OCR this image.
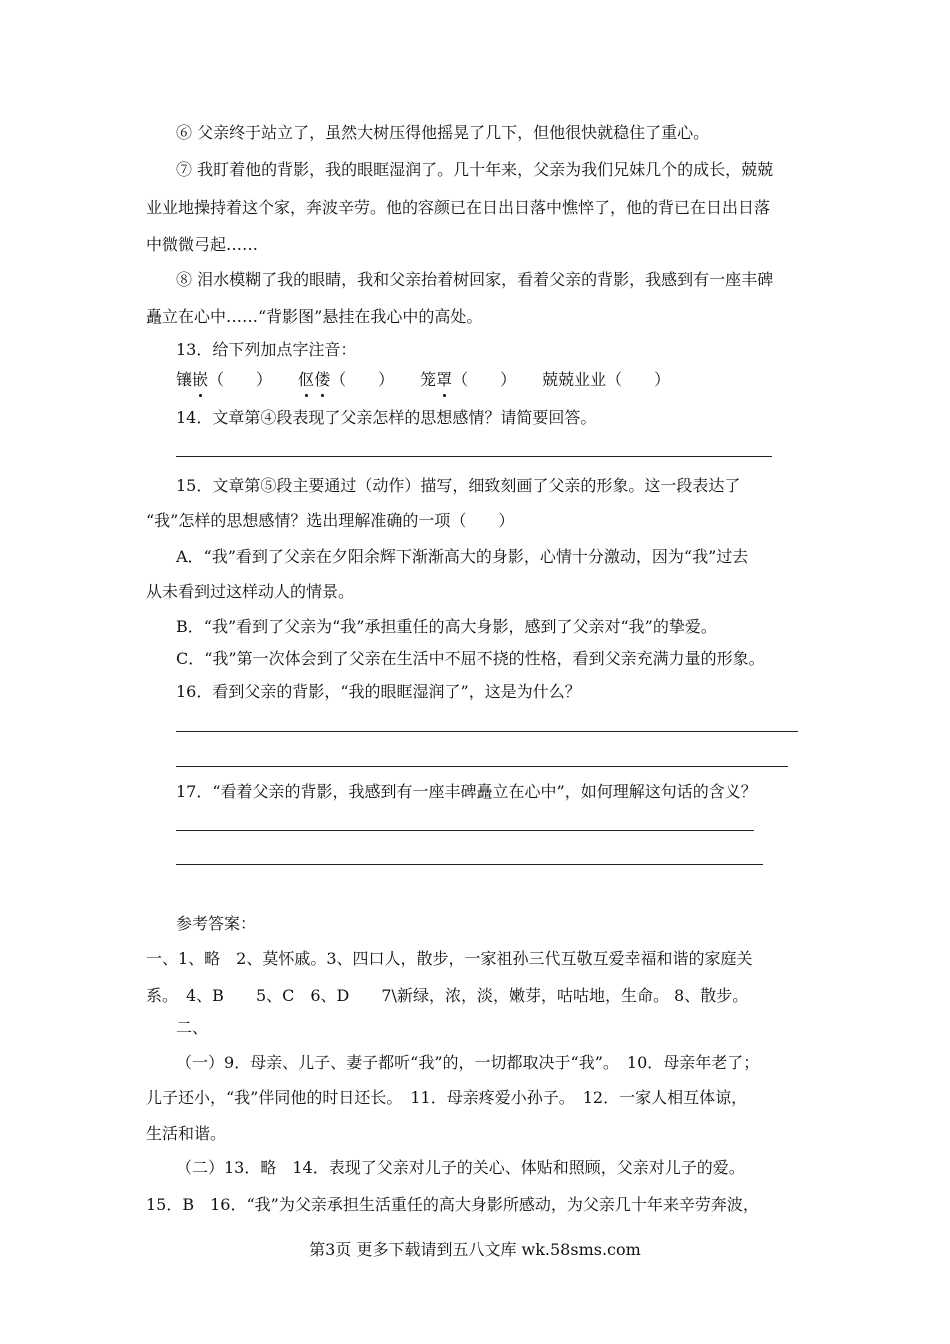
⑥ 父亲终于站立了，虽然大树压得他摇晃了几下，但他很快就稳住了重心。
⑦ 我盯着他的背影，我的眼眶湿润了。几十年来，父亲为我们兄妹几个的成长，兢兢
业业地操持着这个家，奔波辛劳。他的容颜已在日出日落中憔悴了，他的背已在日出日落
中微微弓起……
⑧ 泪水模糊了我的眼睛，我和父亲抬着树回家，看着父亲的背影，我感到有一座丰碑
矗立在心中……“背影图”悬挂在我心中的高处。
13．给下列加点字注音：
镶嵌（　　） 伛偻（　　） 笼罩（　　） 兢兢业业（　　）
14．文章第④段表现了父亲怎样的思想感情？请简要回答。
15．文章第⑤段主要通过（动作）描写，细致刻画了父亲的形象。这一段表达了
“我”怎样的思想感情？选出理解准确的一项（　　）
A．“我”看到了父亲在夕阳余辉下渐渐高大的身影，心情十分激动，因为“我”过去
从未看到过这样动人的情景。
B．“我”看到了父亲为“我”承担重任的高大身影，感到了父亲对“我”的挚爱。
C．“我”第一次体会到了父亲在生活中不屈不挠的性格，看到父亲充满力量的形象。
16．看到父亲的背影，“我的眼眶湿润了”，这是为什么？
17．“看着父亲的背影，我感到有一座丰碑矗立在心中”，如何理解这句话的含义？
参考答案：
一、1、略　2、莫怀戚。3、四口人，散步，一家祖孙三代互敬互爱幸福和谐的家庭关
系。　4、B　　5、C　6、D　　7\新绿，浓，淡，嫩芽，咕咕地，生命。 8、散步。
二、
（一）9．母亲、儿子、妻子都听“我”的，一切都取决于“我”。　10．母亲年老了；
儿子还小，“我”伴同他的时日还长。　11．母亲疼爱小孙子。　12．一家人相互体谅，
生活和谐。
（二）13．略　14．表现了父亲对儿子的关心、体贴和照顾，父亲对儿子的爱。
15．B　16．“我”为父亲承担生活重任的高大身影所感动，为父亲几十年来辛劳奔波，
第3页 更多下载请到五八文库 wk.58sms.com
